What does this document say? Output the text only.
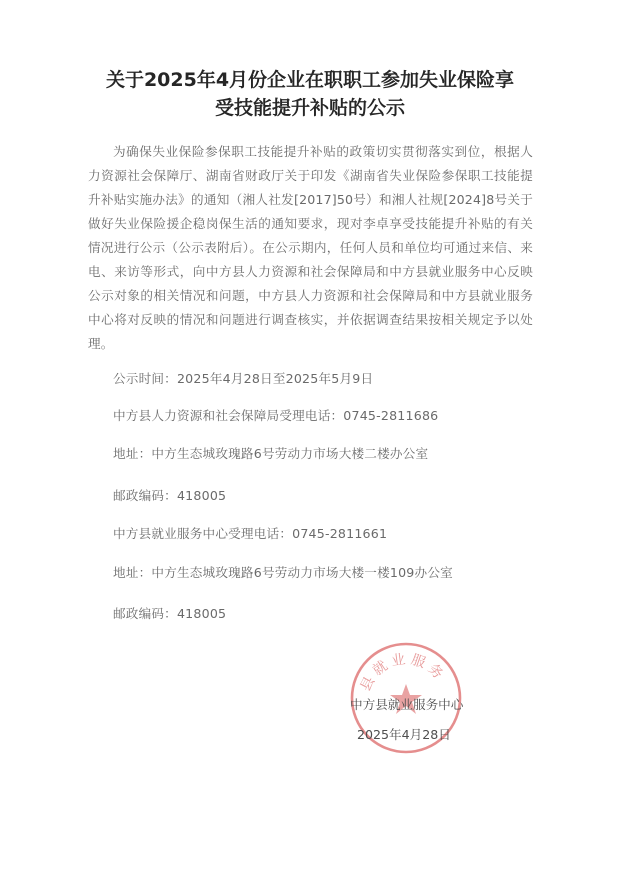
关于2025年4月份企业在职职工参加失业保险享
受技能提升补贴的公示

为确保失业保险参保职工技能提升补贴的政策切实贯彻落实到位，根据人力资源社会保障厅、湖南省财政厅关于印发《湖南省失业保险参保职工技能提升补贴实施办法》的通知（湘人社发[2017]50号）和湘人社规[2024]8号关于做好失业保险援企稳岗保生活的通知要求，现对李卓享受技能提升补贴的有关情况进行公示（公示表附后）。在公示期内，任何人员和单位均可通过来信、来电、来访等形式，向中方县人力资源和社会保障局和中方县就业服务中心反映公示对象的相关情况和问题，中方县人力资源和社会保障局和中方县就业服务中心将对反映的情况和问题进行调查核实，并依据调查结果按相关规定予以处理。

公示时间：2025年4月28日至2025年5月9日
中方县人力资源和社会保障局受理电话：0745-2811686
地址：中方生态城玫瑰路6号劳动力市场大楼二楼办公室
邮政编码：418005
中方县就业服务中心受理电话：0745-2811661
地址：中方生态城玫瑰路6号劳动力市场大楼一楼109办公室
邮政编码：418005
县就业服务
中方县就业服务中心
2025年4月28日
